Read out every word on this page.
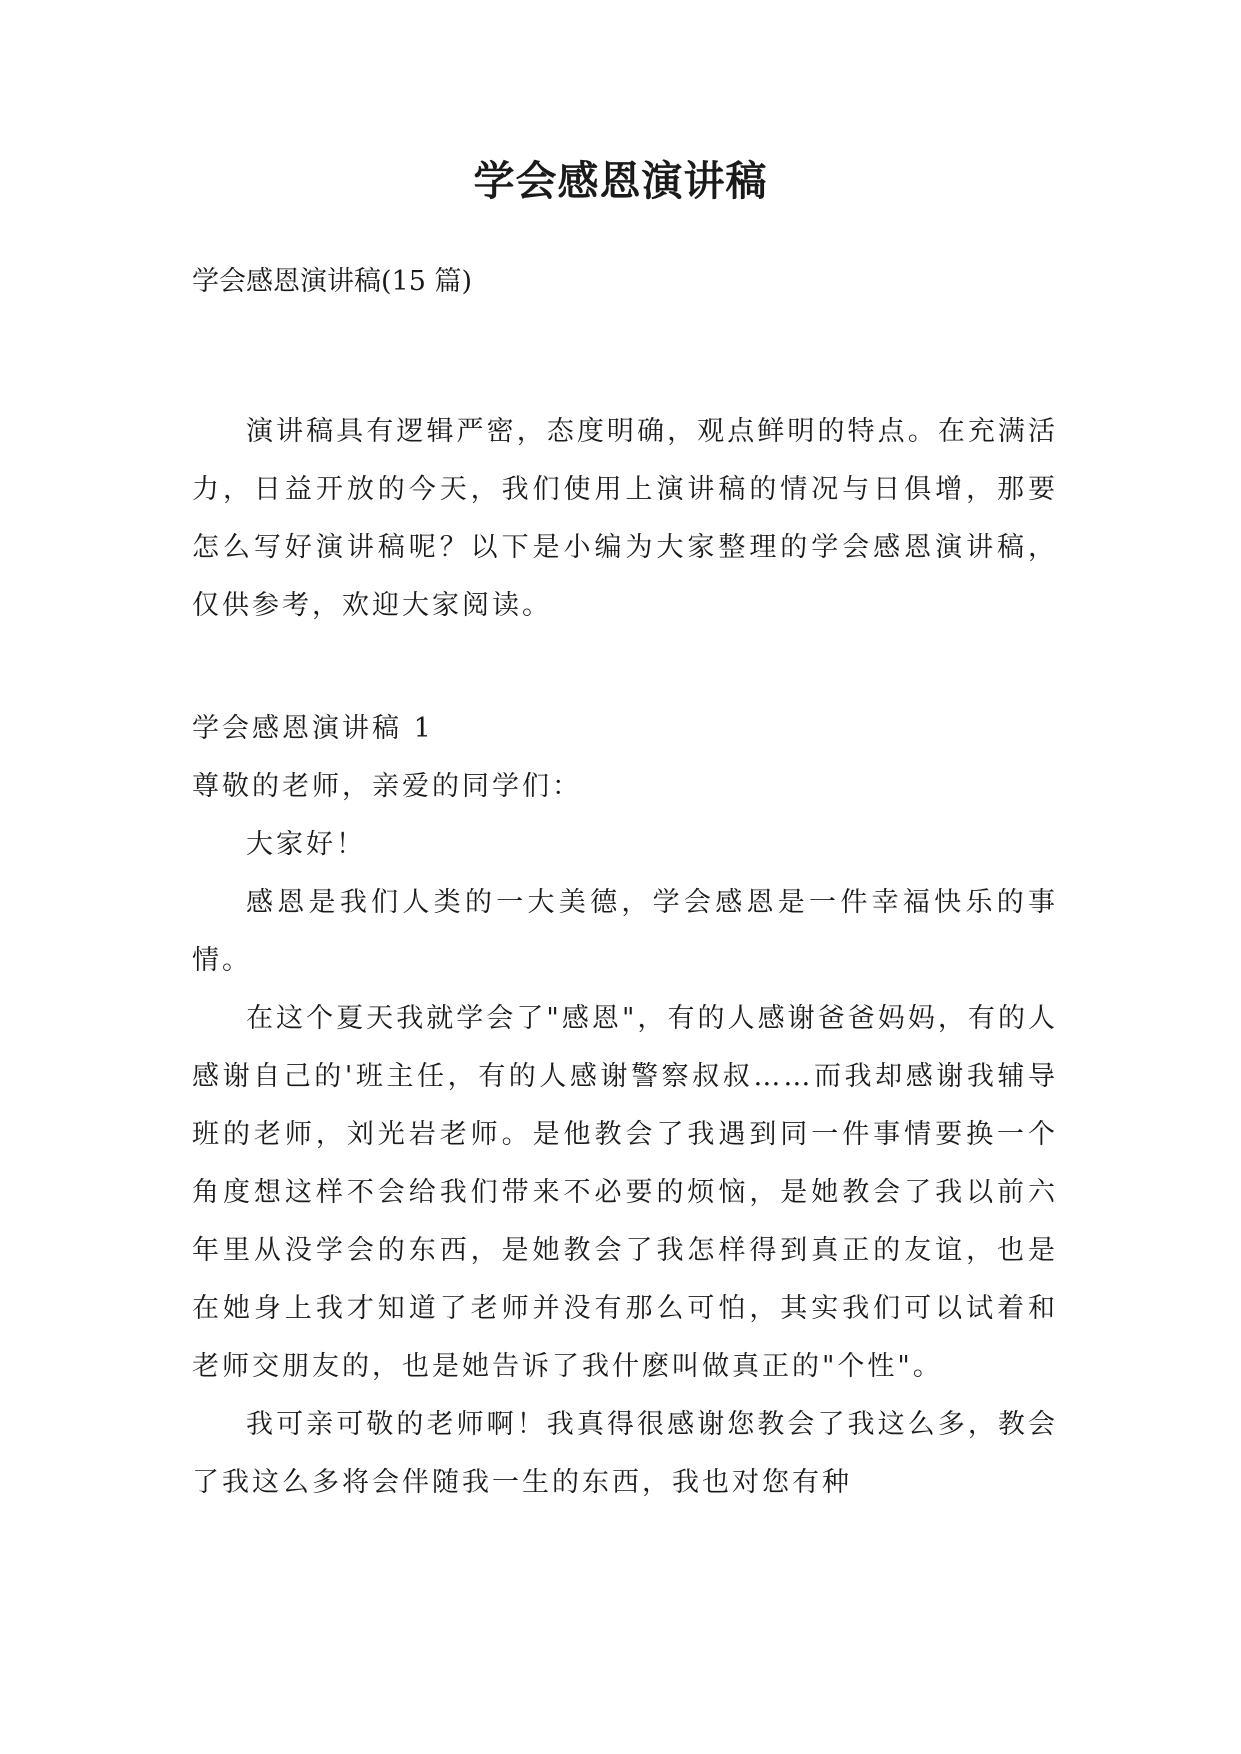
学会感恩演讲稿
学会感恩演讲稿(15 篇)

演讲稿具有逻辑严密，态度明确，观点鲜明的特点。在充满活力，日益开放的今天，我们使用上演讲稿的情况与日俱增，那要怎么写好演讲稿呢？以下是小编为大家整理的学会感恩演讲稿，仅供参考，欢迎大家阅读。

学会感恩演讲稿 1

尊敬的老师，亲爱的同学们：

大家好！

感恩是我们人类的一大美德，学会感恩是一件幸福快乐的事情。

在这个夏天我就学会了"感恩"，有的人感谢爸爸妈妈，有的人感谢自己的'班主任，有的人感谢警察叔叔……而我却感谢我辅导班的老师，刘光岩老师。是他教会了我遇到同一件事情要换一个角度想这样不会给我们带来不必要的烦恼，是她教会了我以前六年里从没学会的东西，是她教会了我怎样得到真正的友谊，也是在她身上我才知道了老师并没有那么可怕，其实我们可以试着和老师交朋友的，也是她告诉了我什麽叫做真正的"个性"。

我可亲可敬的老师啊！我真得很感谢您教会了我这么多，教会了我这么多将会伴随我一生的东西，我也对您有种
